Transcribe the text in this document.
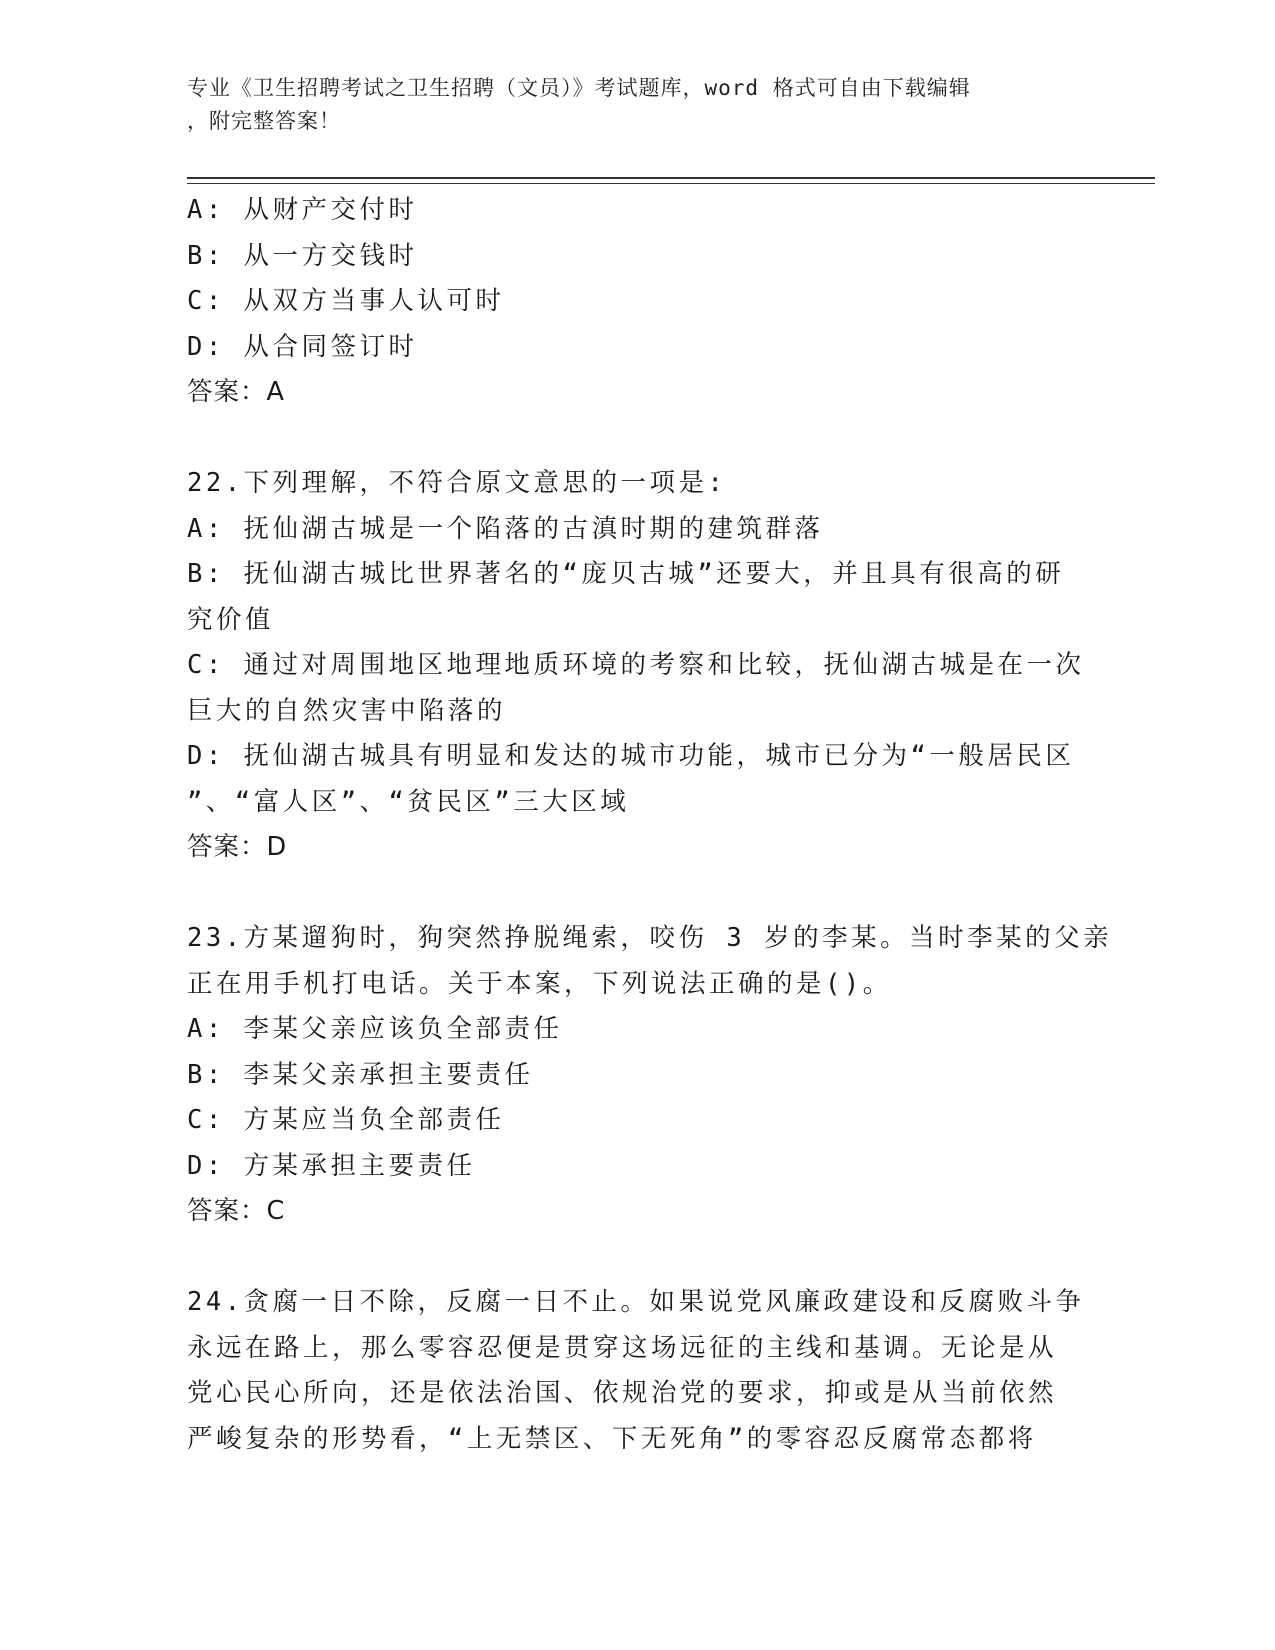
专业《卫生招聘考试之卫生招聘（文员）》考试题库，word 格式可自由下载编辑
，附完整答案！
A: 从财产交付时
B: 从一方交钱时
C: 从双方当事人认可时
D: 从合同签订时
答案：A
22.下列理解，不符合原文意思的一项是:
A: 抚仙湖古城是一个陷落的古滇时期的建筑群落
B: 抚仙湖古城比世界著名的“庞贝古城”还要大，并且具有很高的研
究价值
C: 通过对周围地区地理地质环境的考察和比较，抚仙湖古城是在一次
巨大的自然灾害中陷落的
D: 抚仙湖古城具有明显和发达的城市功能，城市已分为“一般居民区
”、“富人区”、“贫民区”三大区域
答案：D
23.方某遛狗时，狗突然挣脱绳索，咬伤 3 岁的李某。当时李某的父亲
正在用手机打电话。关于本案，下列说法正确的是()。
A: 李某父亲应该负全部责任
B: 李某父亲承担主要责任
C: 方某应当负全部责任
D: 方某承担主要责任
答案：C
24.贪腐一日不除，反腐一日不止。如果说党风廉政建设和反腐败斗争
永远在路上，那么零容忍便是贯穿这场远征的主线和基调。无论是从
党心民心所向，还是依法治国、依规治党的要求，抑或是从当前依然
严峻复杂的形势看，“上无禁区、下无死角”的零容忍反腐常态都将
